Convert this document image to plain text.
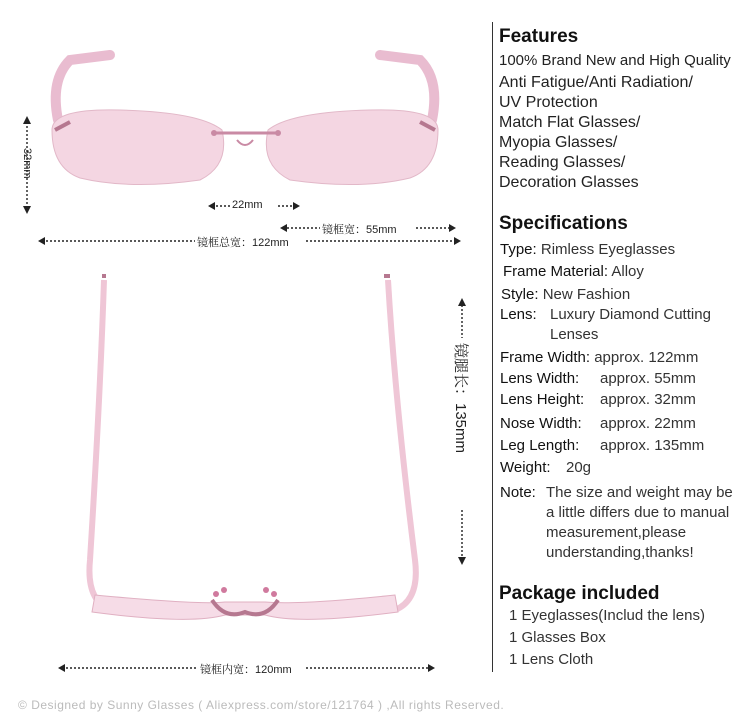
32mm
22mm
镜框宽：55mm
镜框总宽：122mm
镜腿长：135mm
镜框内宽：120mm
Features
100% Brand New and High Quality
Anti Fatigue/Anti Radiation/
UV Protection
Match Flat Glasses/
Myopia Glasses/
Reading Glasses/
Decoration Glasses
Specifications
Type: Rimless Eyeglasses
Frame Material: Alloy
Style: New Fashion
Lens: Luxury Diamond Cutting
Lenses
Frame Width: approx. 122mm
Lens Width: approx. 55mm
Lens Height: approx. 32mm
Nose Width: approx. 22mm
Leg Length: approx. 135mm
Weight: 20g
Note: The size and weight may be
a little differs due to manual
measurement,please
understanding,thanks!
Package included
1 Eyeglasses(Includ the lens)
1 Glasses Box
1 Lens Cloth
© Designed by Sunny Glasses ( Aliexpress.com/store/121764 ) ,All rights Reserved.
